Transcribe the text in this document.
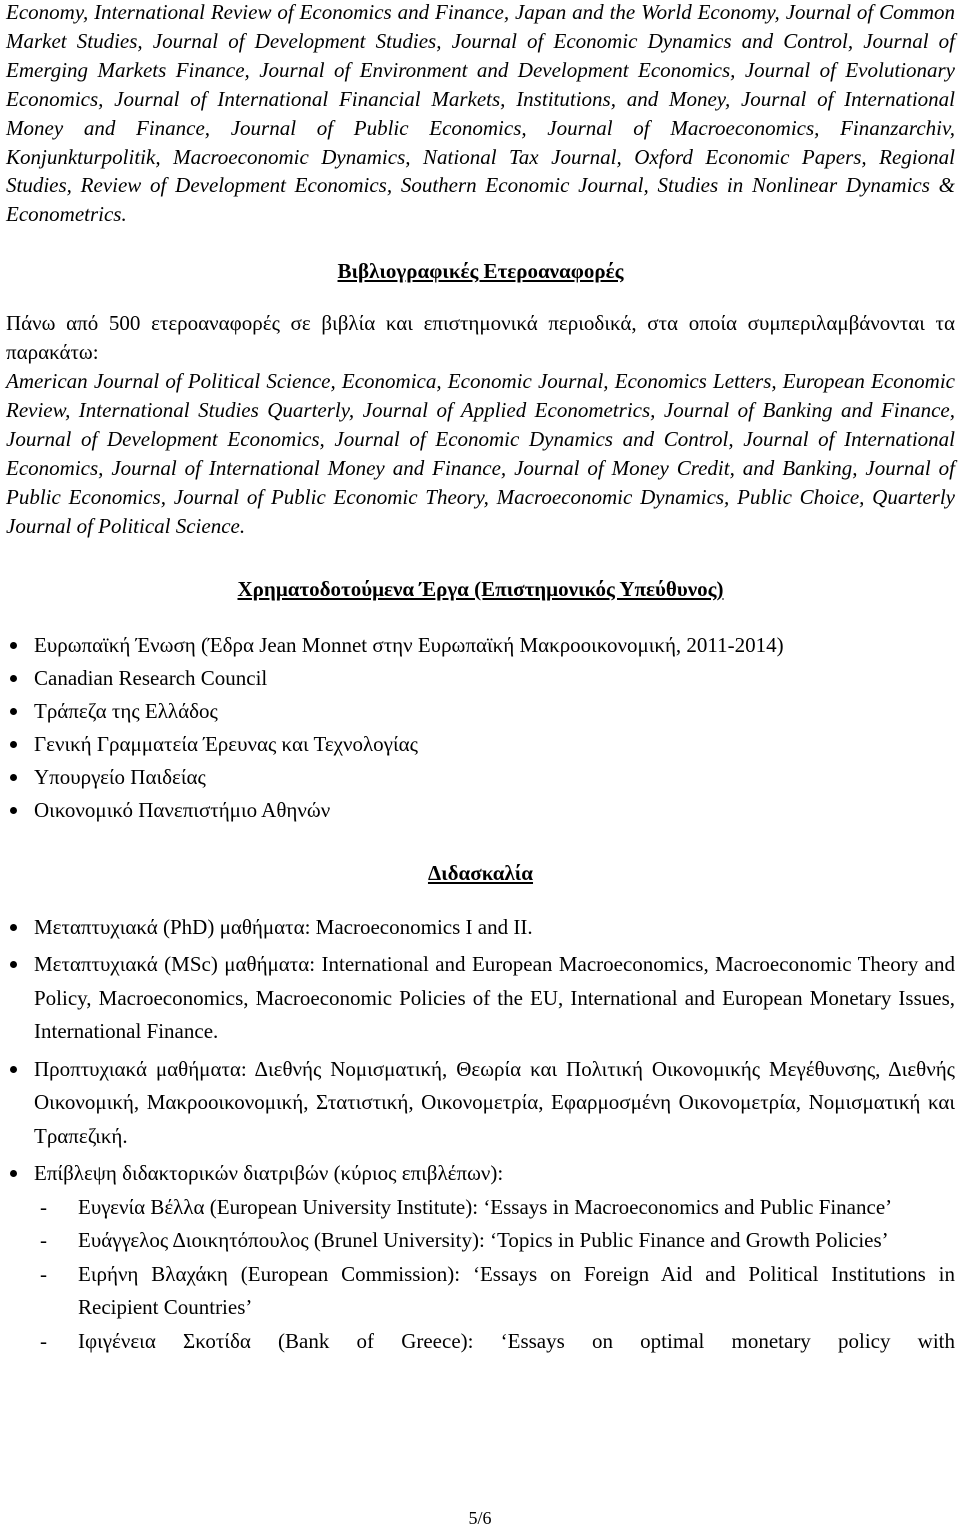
Economy, International Review of Economics and Finance, Japan and the World Economy, Journal of Common Market Studies, Journal of Development Studies, Journal of Economic Dynamics and Control, Journal of Emerging Markets Finance, Journal of Environment and Development Economics, Journal of Evolutionary Economics, Journal of International Financial Markets, Institutions, and Money, Journal of International Money and Finance, Journal of Public Economics, Journal of Macroeconomics, Finanzarchiv, Konjunkturpolitik, Macroeconomic Dynamics, National Tax Journal, Oxford Economic Papers, Regional Studies, Review of Development Economics, Southern Economic Journal, Studies in Nonlinear Dynamics & Econometrics.

Βιβλιογραφικές Ετεροαναφορές

Πάνω από 500 ετεροαναφορές σε βιβλία και επιστημονικά περιοδικά, στα οποία συμπεριλαμβάνονται τα παρακάτω:

American Journal of Political Science, Economica, Economic Journal, Economics Letters, European Economic Review, International Studies Quarterly, Journal of Applied Econometrics, Journal of Banking and Finance, Journal of Development Economics, Journal of Economic Dynamics and Control, Journal of International Economics, Journal of International Money and Finance, Journal of Money Credit, and Banking, Journal of Public Economics, Journal of Public Economic Theory, Macroeconomic Dynamics, Public Choice, Quarterly Journal of Political Science.

Χρηματοδοτούμενα Έργα (Επιστημονικός Υπεύθυνος)
Ευρωπαϊκή Ένωση (Έδρα Jean Monnet στην Ευρωπαϊκή Μακροοικονομική, 2011-2014)
Canadian Research Council
Τράπεζα της Ελλάδος
Γενική Γραμματεία Έρευνας και Τεχνολογίας
Υπουργείο Παιδείας
Οικονομικό Πανεπιστήμιο Αθηνών
Διδασκαλία
Μεταπτυχιακά (PhD) μαθήματα: Macroeconomics I and II.
Μεταπτυχιακά (MSc) μαθήματα: International and European Macroeconomics, Macroeconomic Theory and Policy, Macroeconomics, Macroeconomic Policies of the EU, International and European Monetary Issues, International Finance.
Προπτυχιακά μαθήματα: Διεθνής Νομισματική, Θεωρία και Πολιτική Οικονομικής Μεγέθυνσης, Διεθνής Οικονομική, Μακροοικονομική, Στατιστική, Οικονομετρία, Εφαρμοσμένη Οικονομετρία, Νομισματική και Τραπεζική.
Επίβλεψη διδακτορικών διατριβών (κύριος επιβλέπων):
- Ευγενία Βέλλα (European University Institute): ‘Essays in Macroeconomics and Public Finance’
- Ευάγγελος Διοικητόπουλος (Brunel University): ‘Topics in Public Finance and Growth Policies’
- Ειρήνη Βλαχάκη (European Commission): ‘Essays on Foreign Aid and Political Institutions in Recipient Countries’
- Ιφιγένεια Σκοτίδα (Bank of Greece): ‘Essays on optimal monetary policy with
5/6
